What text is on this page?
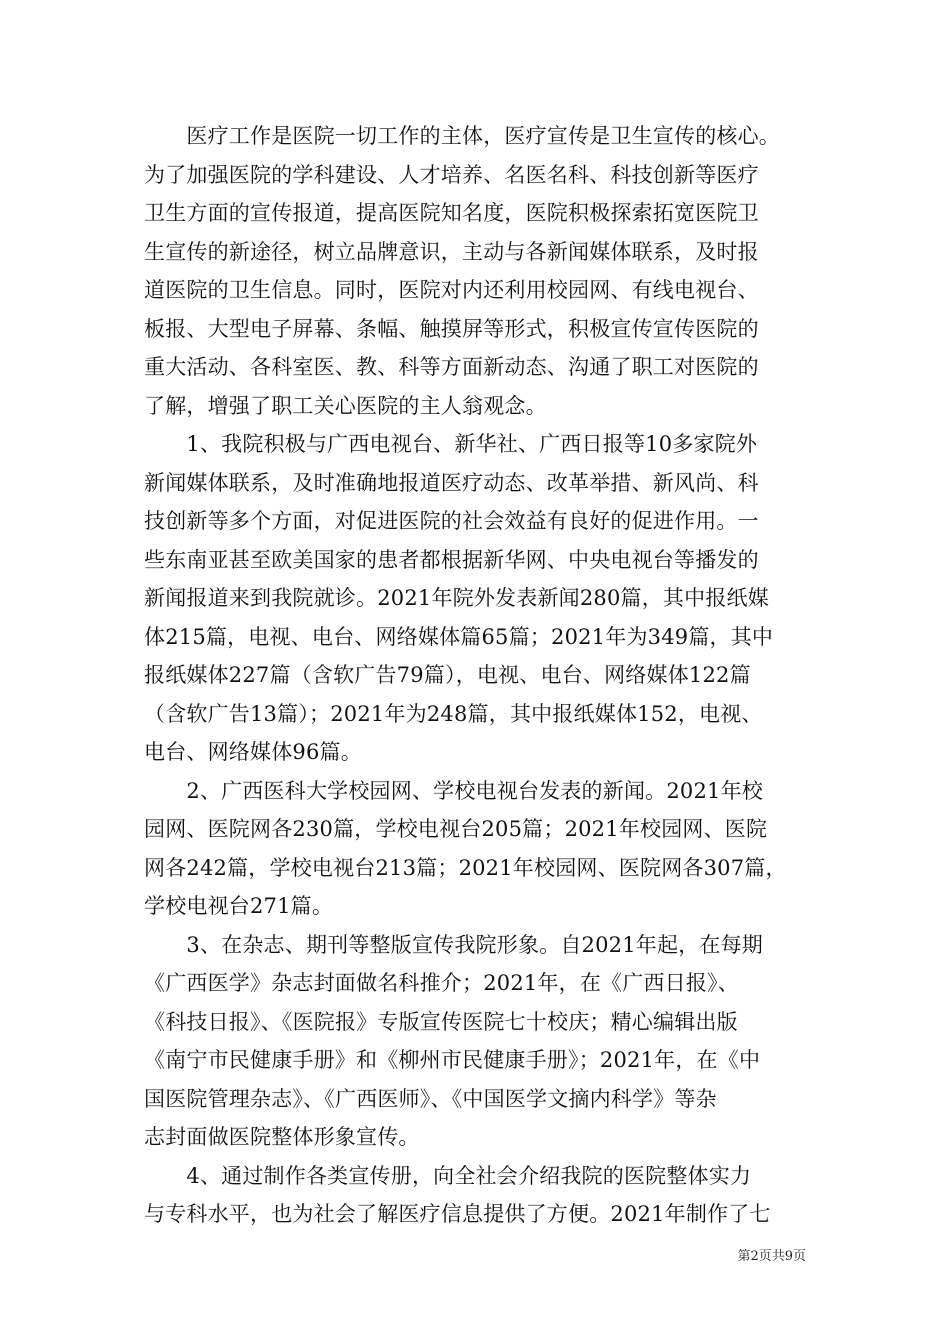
　　医疗工作是医院一切工作的主体，医疗宣传是卫生宣传的核心。
为了加强医院的学科建设、人才培养、名医名科、科技创新等医疗
卫生方面的宣传报道，提高医院知名度，医院积极探索拓宽医院卫
生宣传的新途径，树立品牌意识，主动与各新闻媒体联系，及时报
道医院的卫生信息。同时，医院对内还利用校园网、有线电视台、
板报、大型电子屏幕、条幅、触摸屏等形式，积极宣传宣传医院的
重大活动、各科室医、教、科等方面新动态、沟通了职工对医院的
了解，增强了职工关心医院的主人翁观念。
　　1、我院积极与广西电视台、新华社、广西日报等10多家院外
新闻媒体联系，及时准确地报道医疗动态、改革举措、新风尚、科
技创新等多个方面，对促进医院的社会效益有良好的促进作用。一
些东南亚甚至欧美国家的患者都根据新华网、中央电视台等播发的
新闻报道来到我院就诊。2021年院外发表新闻280篇，其中报纸媒
体215篇，电视、电台、网络媒体篇65篇；2021年为349篇，其中
报纸媒体227篇（含软广告79篇），电视、电台、网络媒体122篇
（含软广告13篇）；2021年为248篇，其中报纸媒体152，电视、
电台、网络媒体96篇。
　　2、广西医科大学校园网、学校电视台发表的新闻。2021年校
园网、医院网各230篇，学校电视台205篇；2021年校园网、医院
网各242篇，学校电视台213篇；2021年校园网、医院网各307篇，
学校电视台271篇。
　　3、在杂志、期刊等整版宣传我院形象。自2021年起，在每期
《广西医学》杂志封面做名科推介；2021年，在《广西日报》、
《科技日报》、《医院报》专版宣传医院七十校庆；精心编辑出版
《南宁市民健康手册》和《柳州市民健康手册》；2021年，在《中
国医院管理杂志》、《广西医师》、《中国医学文摘内科学》等杂
志封面做医院整体形象宣传。
　　4、通过制作各类宣传册，向全社会介绍我院的医院整体实力
与专科水平，也为社会了解医疗信息提供了方便。2021年制作了七
第2页共9页
